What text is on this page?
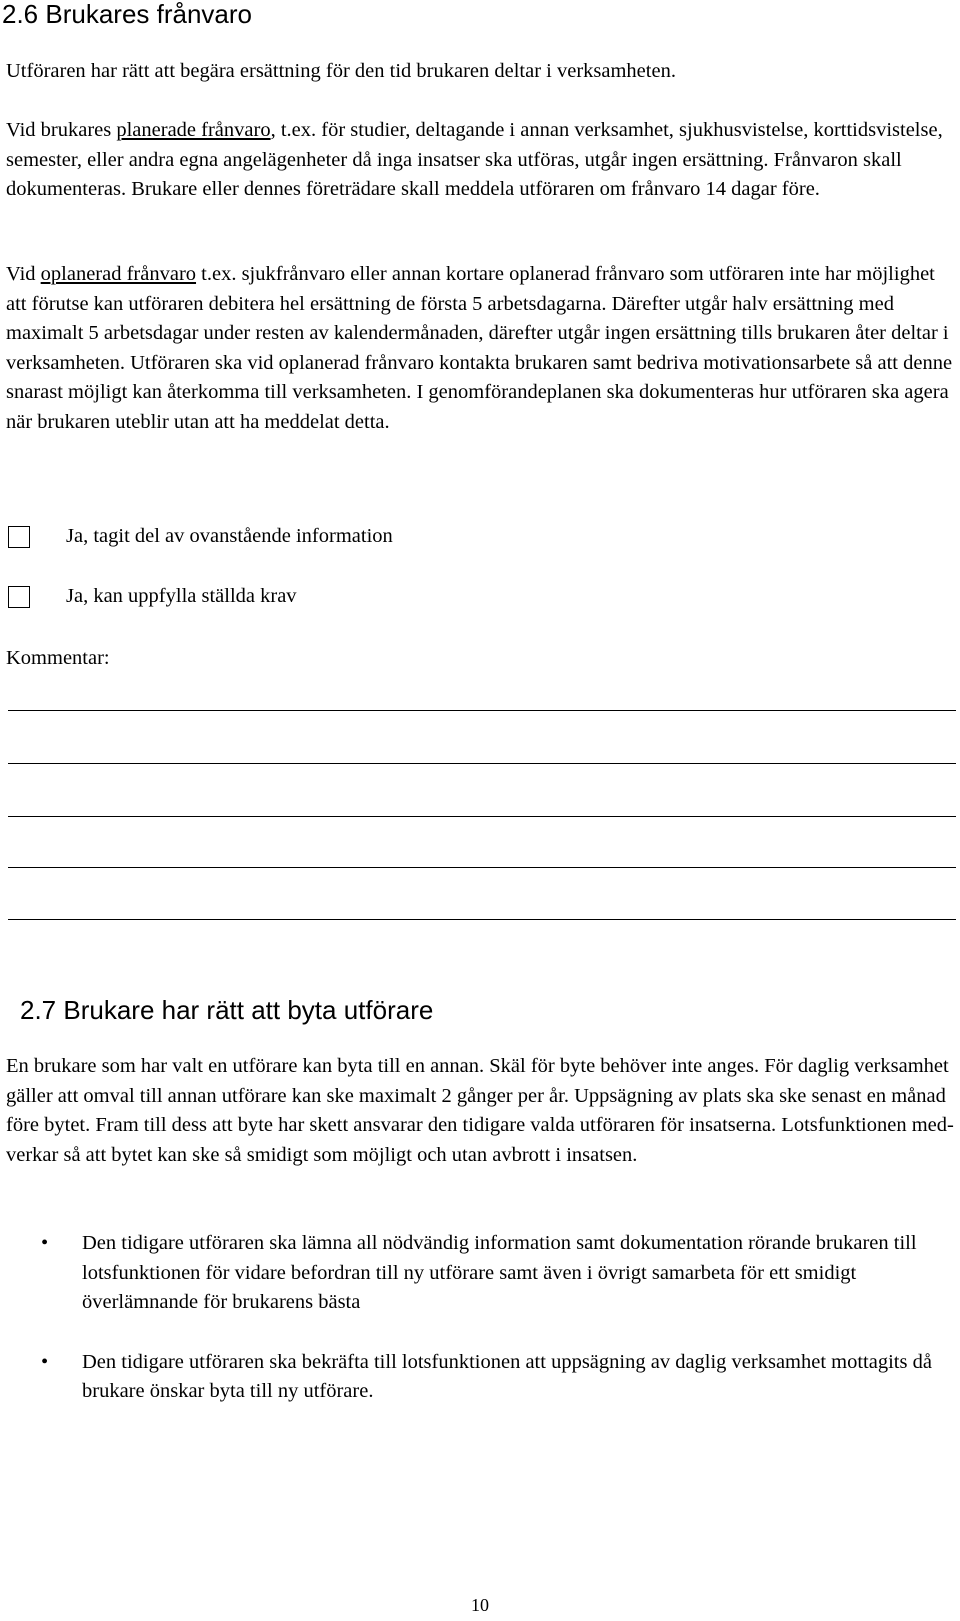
2.6 Brukares frånvaro

Utföraren har rätt att begära ersättning för den tid brukaren deltar i verksamheten.

Vid brukares planerade frånvaro, t.ex. för studier, deltagande i annan verksamhet, sjukhusvistelse, korttidsvistelse, semester, eller andra egna angelägenheter då inga insatser ska utföras, utgår ingen ersättning. Frånvaron skall dokumenteras. Brukare eller dennes företrädare skall meddela utföraren om frånvaro 14 dagar före.

Vid oplanerad frånvaro t.ex. sjukfrånvaro eller annan kortare oplanerad frånvaro som utföraren inte har möjlighet att förutse kan utföraren debitera hel ersättning de första 5 arbetsdagarna. Därefter utgår halv ersättning med maximalt 5 arbetsdagar under resten av kalendermånaden, därefter utgår ingen ersättning tills brukaren åter deltar i verksamheten. Utföraren ska vid oplanerad frånvaro kontakta brukaren samt bedriva motivationsarbete så att denne snarast möjligt kan återkomma till verksamheten. I genomförandeplanen ska dokumenteras hur utföraren ska agera när brukaren uteblir utan att ha meddelat detta.

Ja, tagit del av ovanstående information
Ja, kan uppfylla ställda krav

Kommentar:

2.7 Brukare har rätt att byta utförare

En brukare som har valt en utförare kan byta till en annan. Skäl för byte behöver inte anges. För daglig verksamhet gäller att omval till annan utförare kan ske maximalt 2 gånger per år. Uppsägning av plats ska ske senast en månad före bytet. Fram till dess att byte har skett ansvarar den tidigare valda utföraren för insatserna. Lotsfunktionen med-verkar så att bytet kan ske så smidigt som möjligt och utan avbrott i insatsen.

• Den tidigare utföraren ska lämna all nödvändig information samt dokumentation rörande brukaren till lotsfunktionen för vidare befordran till ny utförare samt även i övrigt samarbeta för ett smidigt överlämnande för brukarens bästa
• Den tidigare utföraren ska bekräfta till lotsfunktionen att uppsägning av daglig verksamhet mottagits då brukare önskar byta till ny utförare.
10
